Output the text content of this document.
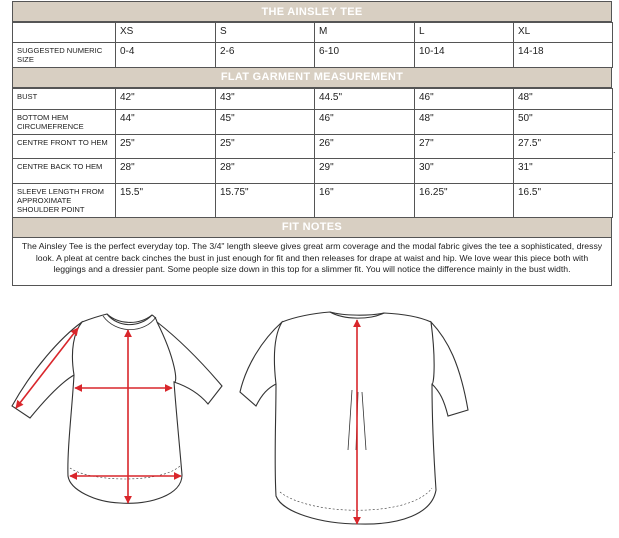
THE AINSLEY TEE
	XS	S	M	L	XL
SUGGESTED NUMERIC SIZE	0-4	2-6	6-10	10-14	14-18
FLAT GARMENT MEASUREMENT
BUST	42"	43"	44.5"	46"	48"
BOTTOM HEM CIRCUMEFRENCE	44"	45"	46"	48"	50"
CENTRE FRONT TO HEM	25"	25"	26"	27"	27.5"
CENTRE BACK TO HEM	28"	28"	29"	30"	31"
SLEEVE LENGTH FROM APPROXIMATE SHOULDER POINT	15.5"	15.75"	16"	16.25"	16.5"
FIT NOTES
The Ainsley Tee is the perfect everyday top. The 3/4" length sleeve gives great arm coverage and the modal fabric gives the tee a sophisticated, dressy look. A pleat at centre back cinches the bust in just enough for fit and then releases for drape at waist and hip. We love wear this piece both with leggings and a dressier pant. Some people size down in this top for a slimmer fit. You will notice the difference mainly in the bust width.
.
